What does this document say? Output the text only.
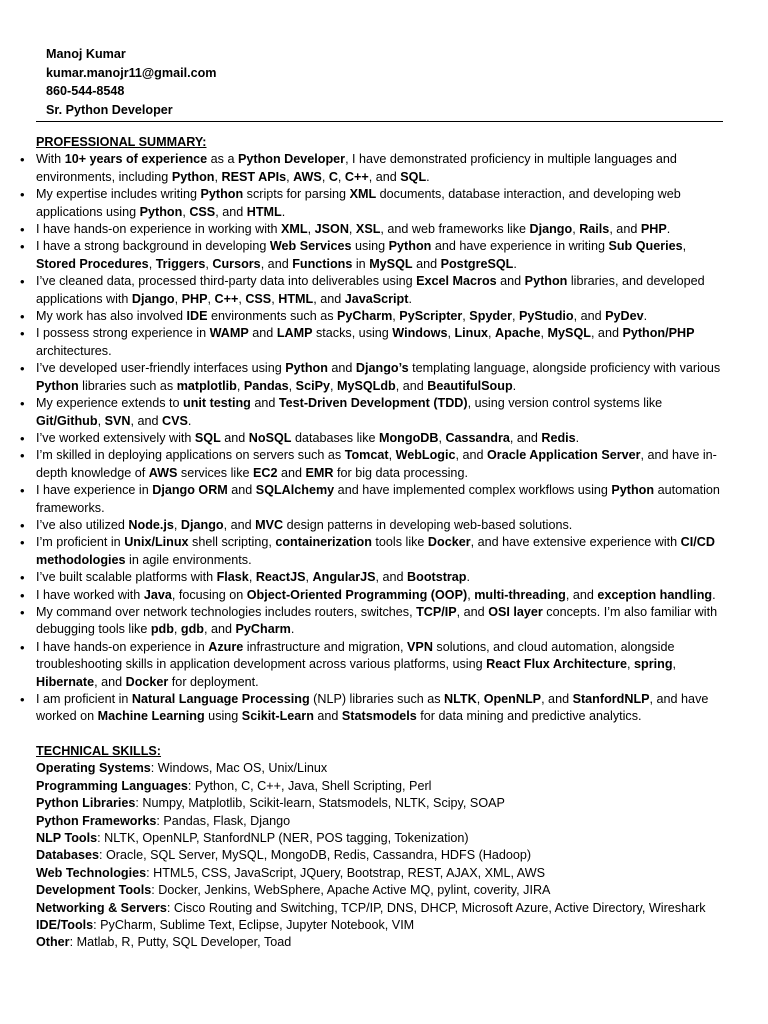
Manoj Kumar
kumar.manojr11@gmail.com
860-544-8548
Sr. Python Developer
PROFESSIONAL SUMMARY:
• With 10+ years of experience as a Python Developer, I have demonstrated proficiency in multiple languages and environments, including Python, REST APIs, AWS, C, C++, and SQL.
• My expertise includes writing Python scripts for parsing XML documents, database interaction, and developing web applications using Python, CSS, and HTML.
• I have hands-on experience in working with XML, JSON, XSL, and web frameworks like Django, Rails, and PHP.
• I have a strong background in developing Web Services using Python and have experience in writing Sub Queries, Stored Procedures, Triggers, Cursors, and Functions in MySQL and PostgreSQL.
• I’ve cleaned data, processed third-party data into deliverables using Excel Macros and Python libraries, and developed applications with Django, PHP, C++, CSS, HTML, and JavaScript.
• My work has also involved IDE environments such as PyCharm, PyScripter, Spyder, PyStudio, and PyDev.
• I possess strong experience in WAMP and LAMP stacks, using Windows, Linux, Apache, MySQL, and Python/PHP architectures.
• I’ve developed user-friendly interfaces using Python and Django’s templating language, alongside proficiency with various Python libraries such as matplotlib, Pandas, SciPy, MySQLdb, and BeautifulSoup.
• My experience extends to unit testing and Test-Driven Development (TDD), using version control systems like Git/Github, SVN, and CVS.
• I’ve worked extensively with SQL and NoSQL databases like MongoDB, Cassandra, and Redis.
• I’m skilled in deploying applications on servers such as Tomcat, WebLogic, and Oracle Application Server, and have in-depth knowledge of AWS services like EC2 and EMR for big data processing.
• I have experience in Django ORM and SQLAlchemy and have implemented complex workflows using Python automation frameworks.
• I’ve also utilized Node.js, Django, and MVC design patterns in developing web-based solutions.
• I’m proficient in Unix/Linux shell scripting, containerization tools like Docker, and have extensive experience with CI/CD methodologies in agile environments.
• I’ve built scalable platforms with Flask, ReactJS, AngularJS, and Bootstrap.
• I have worked with Java, focusing on Object-Oriented Programming (OOP), multi-threading, and exception handling.
• My command over network technologies includes routers, switches, TCP/IP, and OSI layer concepts. I’m also familiar with debugging tools like pdb, gdb, and PyCharm.
• I have hands-on experience in Azure infrastructure and migration, VPN solutions, and cloud automation, alongside troubleshooting skills in application development across various platforms, using React Flux Architecture, spring, Hibernate, and Docker for deployment.
• I am proficient in Natural Language Processing (NLP) libraries such as NLTK, OpenNLP, and StanfordNLP, and have worked on Machine Learning using Scikit-Learn and Statsmodels for data mining and predictive analytics.
TECHNICAL SKILLS:
Operating Systems: Windows, Mac OS, Unix/Linux
Programming Languages: Python, C, C++, Java, Shell Scripting, Perl
Python Libraries: Numpy, Matplotlib, Scikit-learn, Statsmodels, NLTK, Scipy, SOAP
Python Frameworks: Pandas, Flask, Django
NLP Tools: NLTK, OpenNLP, StanfordNLP (NER, POS tagging, Tokenization)
Databases: Oracle, SQL Server, MySQL, MongoDB, Redis, Cassandra, HDFS (Hadoop)
Web Technologies: HTML5, CSS, JavaScript, JQuery, Bootstrap, REST, AJAX, XML, AWS
Development Tools: Docker, Jenkins, WebSphere, Apache Active MQ, pylint, coverity, JIRA
Networking & Servers: Cisco Routing and Switching, TCP/IP, DNS, DHCP, Microsoft Azure, Active Directory, Wireshark
IDE/Tools: PyCharm, Sublime Text, Eclipse, Jupyter Notebook, VIM
Other: Matlab, R, Putty, SQL Developer, Toad
